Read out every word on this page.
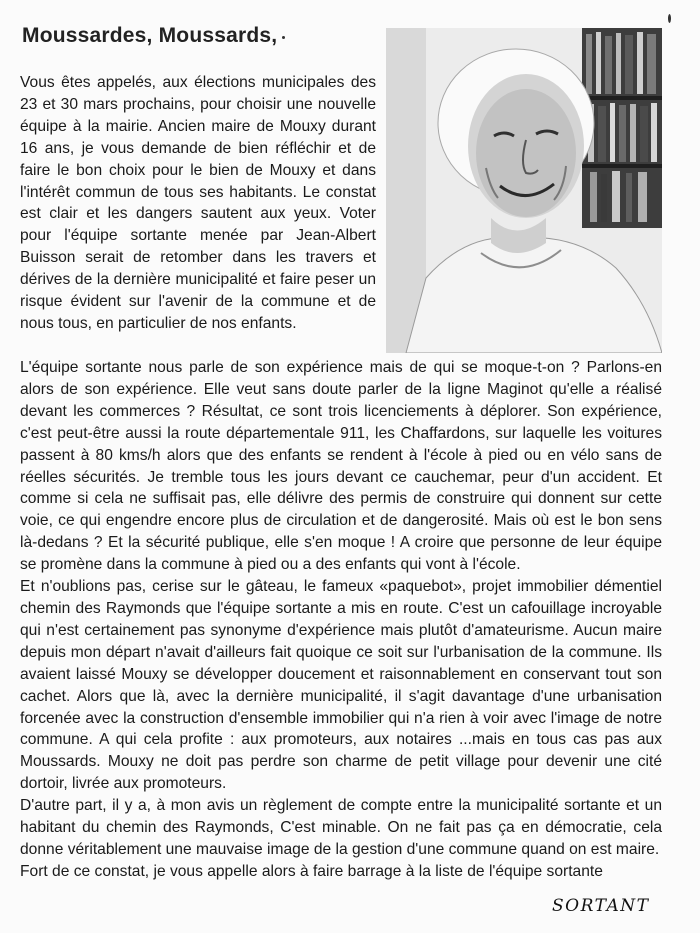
Moussardes, Moussards,

Vous êtes appelés, aux élections municipales des 23 et 30 mars prochains, pour choisir une nouvelle équipe à la mairie. Ancien maire de Mouxy durant 16 ans, je vous demande de bien réfléchir et de faire le bon choix pour le bien de Mouxy et dans l'intérêt commun de tous ses habitants. Le constat est clair et les dangers sautent aux yeux. Voter pour l'équipe sortante menée par Jean-Albert Buisson serait de retomber dans les travers et dérives de la dernière municipalité et faire peser un risque évident sur l'avenir de la commune et de nous tous, en particulier de nos enfants.

L'équipe sortante nous parle de son expérience mais de qui se moque-t-on ? Parlons-en alors de son expérience. Elle veut sans doute parler de la ligne Maginot qu'elle a réalisé devant les commerces ? Résultat, ce sont trois licenciements à déplorer. Son expérience, c'est peut-être aussi la route départementale 911, les Chaffardons, sur laquelle les voitures passent à 80 kms/h alors que des enfants se rendent à l'école à pied ou en vélo sans de réelles sécurités. Je tremble tous les jours devant ce cauchemar, peur d'un accident. Et comme si cela ne suffisait pas, elle délivre des permis de construire qui donnent sur cette voie, ce qui engendre encore plus de circulation et de dangerosité. Mais où est le bon sens là-dedans ? Et la sécurité publique, elle s'en moque ! A croire que personne de leur équipe se promène dans la commune à pied ou a des enfants qui vont à l'école.

Et n'oublions pas, cerise sur le gâteau, le fameux «paquebot», projet immobilier démentiel chemin des Raymonds que l'équipe sortante a mis en route. C'est un cafouillage incroyable qui n'est certainement pas synonyme d'expérience mais plutôt d'amateurisme. Aucun maire depuis mon départ n'avait d'ailleurs fait quoique ce soit sur l'urbanisation de la commune. Ils avaient laissé Mouxy se développer doucement et raisonnablement en conservant tout son cachet. Alors que là, avec la dernière municipalité, il s'agit davantage d'une urbanisation forcenée avec la construction d'ensemble immobilier qui n'a rien à voir avec l'image de notre commune. A qui cela profite : aux promoteurs, aux notaires ...mais en tous cas pas aux Moussards. Mouxy ne doit pas perdre son charme de petit village pour devenir une cité dortoir, livrée aux promoteurs.

D'autre part, il y a, à mon avis un règlement de compte entre la municipalité sortante et un habitant du chemin des Raymonds, C'est minable. On ne fait pas ça en démocratie, cela donne véritablement une mauvaise image de la gestion d'une commune quand on est maire.

Fort de ce constat, je vous appelle alors à faire barrage à la liste de l'équipe sortante

SORTANT
